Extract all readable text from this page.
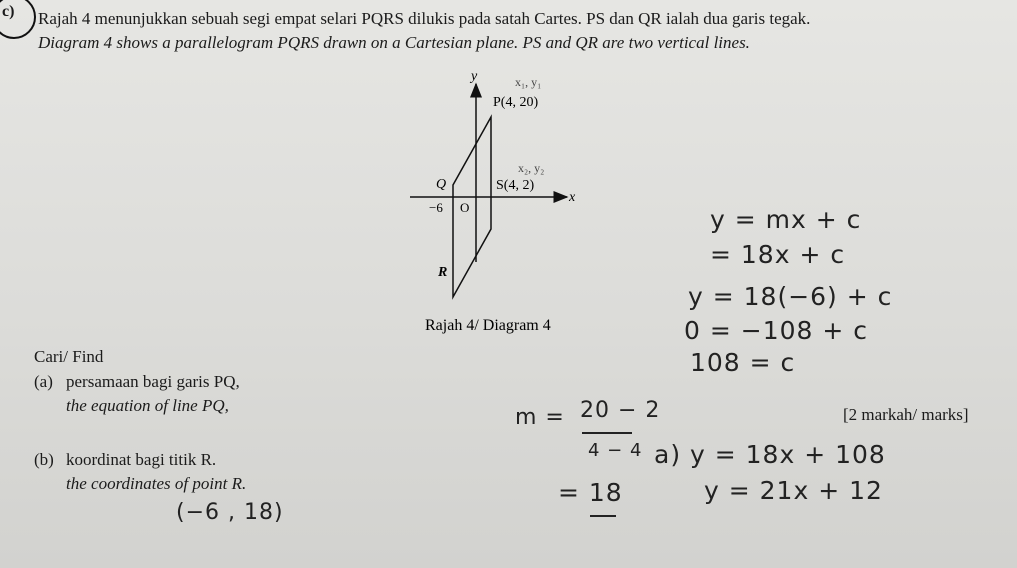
c) Rajah 4 menunjukkan sebuah segi empat selari PQRS dilukis pada satah Cartes. PS dan QR ialah dua garis tegak.
Diagram 4 shows a parallelogram PQRS drawn on a Cartesian plane. PS and QR are two vertical lines.
y
x
P(4, 20)
S(4, 2)
Q
R
O
−6
x₁, y₁
x₂, y₂
Rajah 4/ Diagram 4
Cari/ Find
(a) persamaan bagi garis PQ,
the equation of line PQ,	[2 markah/ marks]
(b) koordinat bagi titik R.
the coordinates of point R.
y = mx + c
= 18x + c
y = 18(−6) + c
0 = −108 + c
108 = c
m = 20 − 2
4 − 4
= 18
a) y = 18x + 108
y = 21x + 12
(−6 , 18)
